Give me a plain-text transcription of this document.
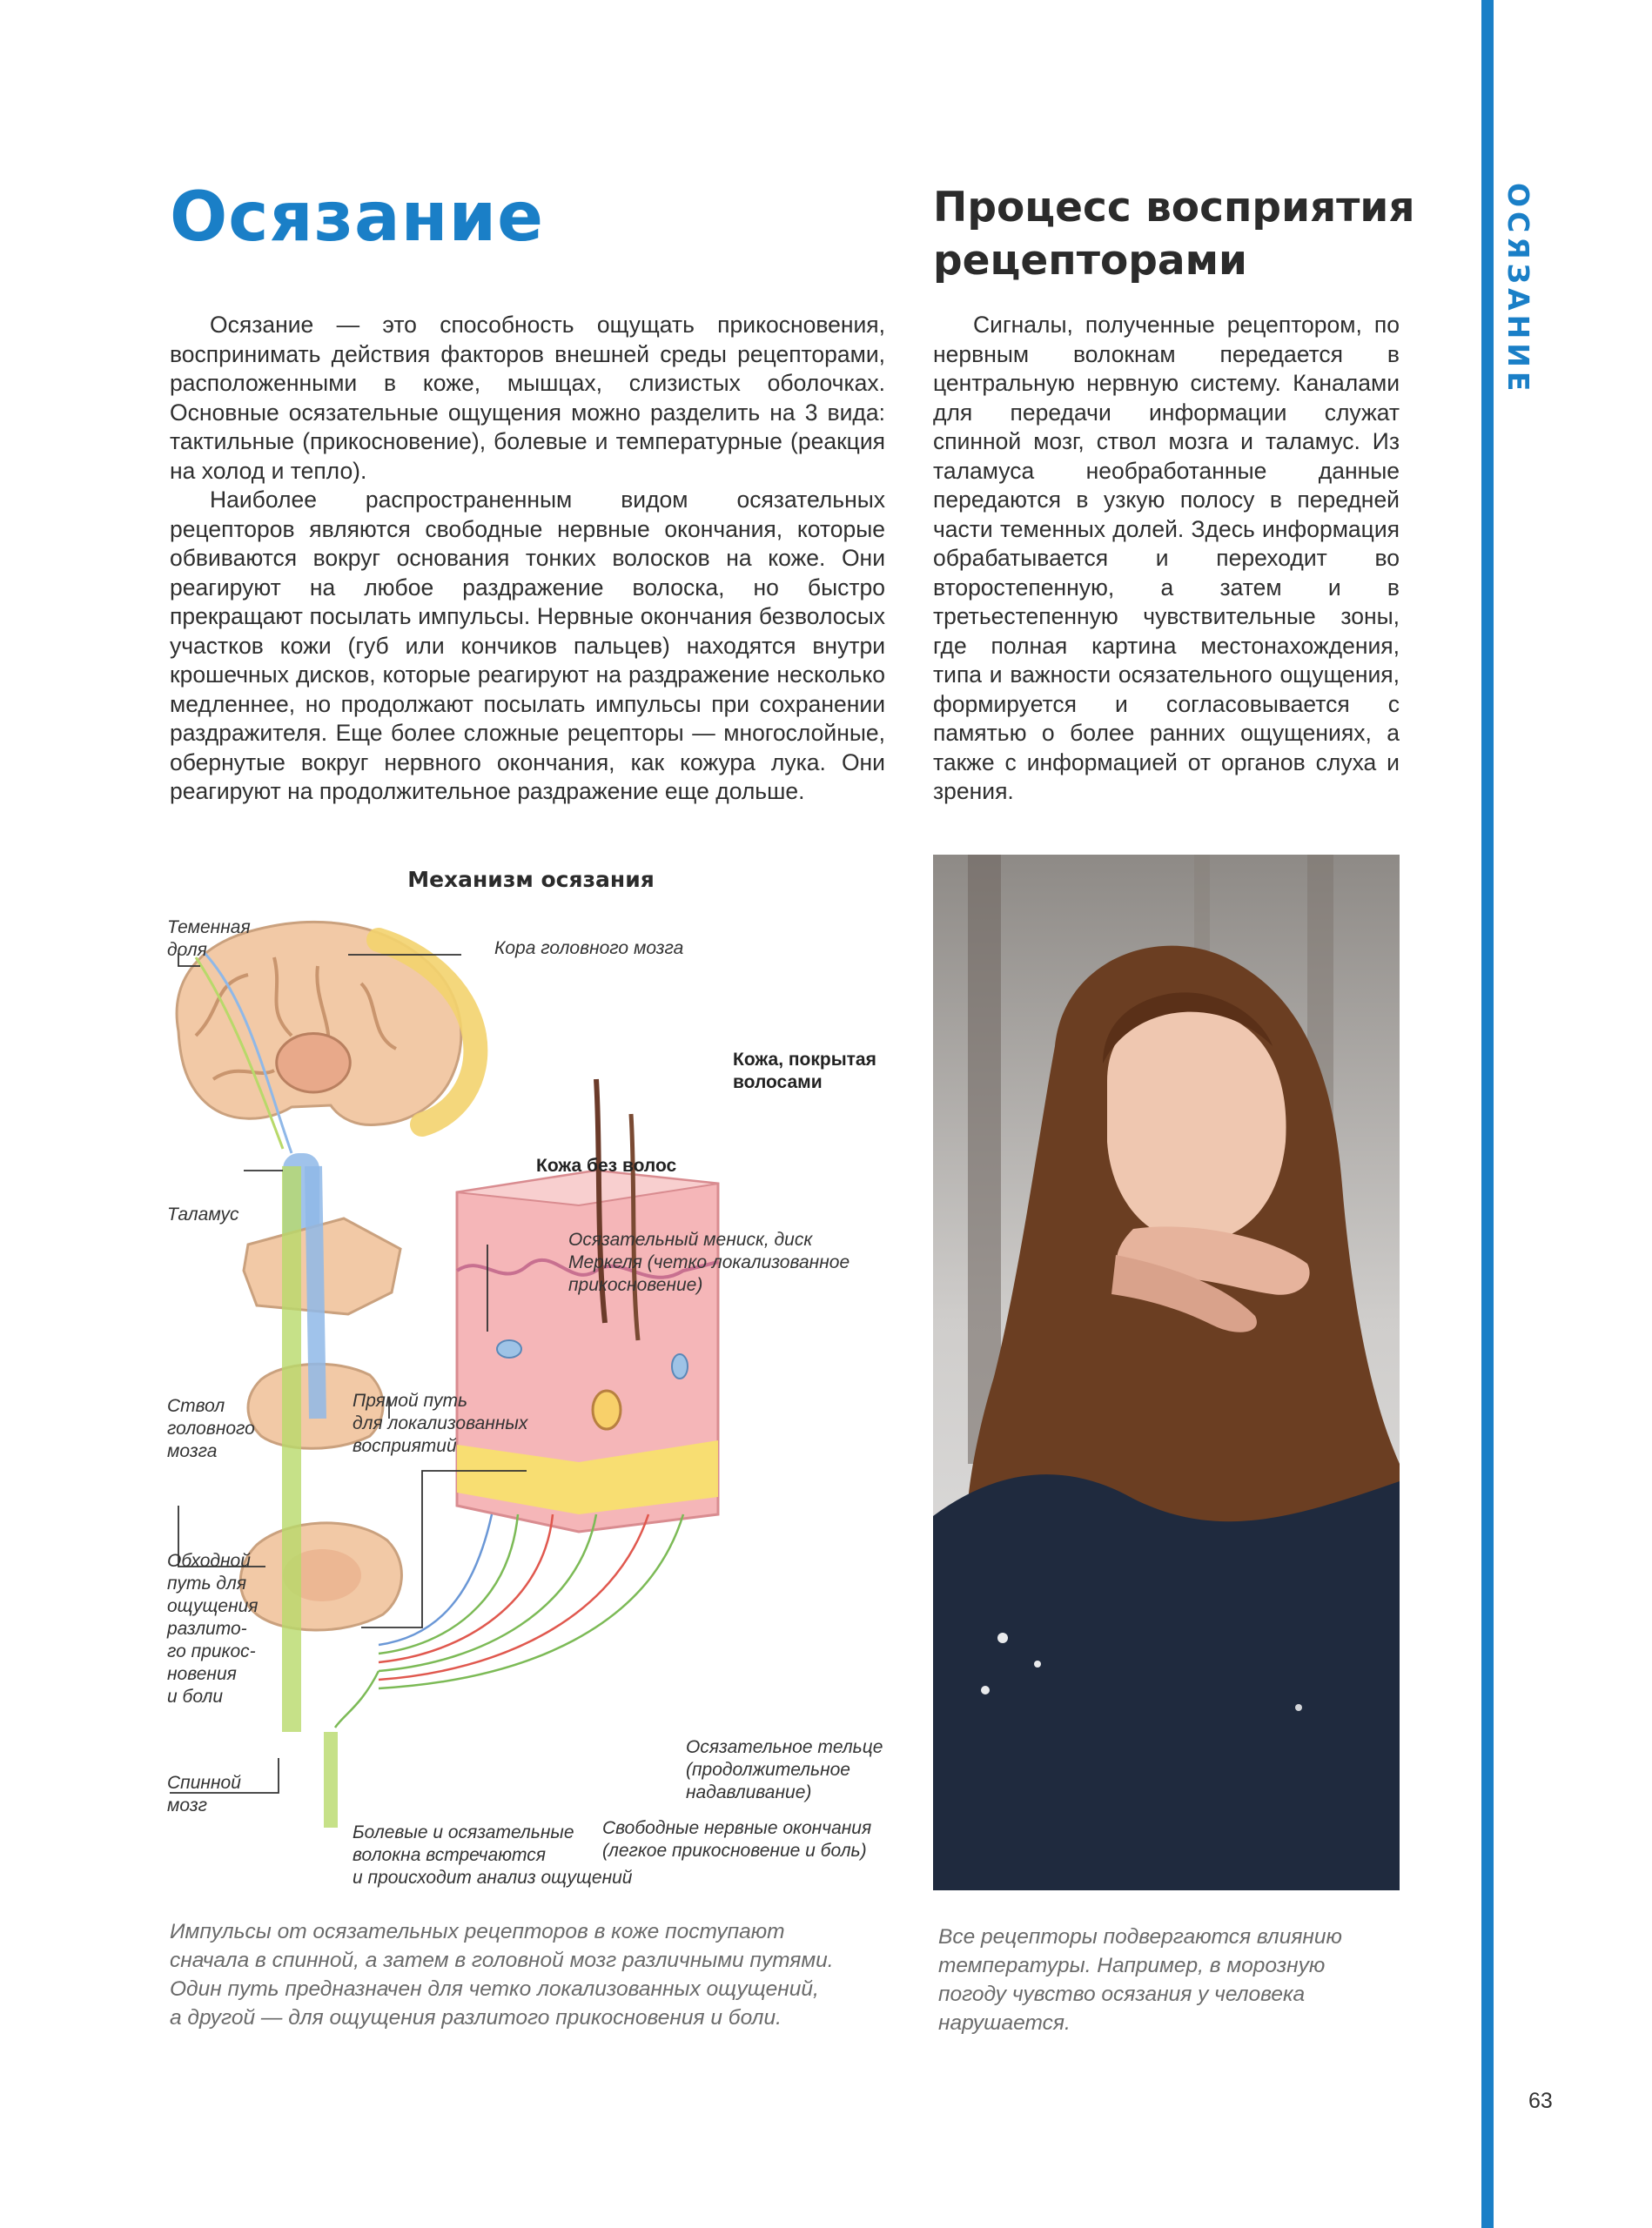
ОСЯЗАНИЕ
Осязание	Процесс восприятия рецепторами

Осязание — это способность ощущать прикосновения, воспринимать действия факторов внешней среды рецепторами, расположенными в коже, мышцах, слизистых оболочках. Основные осязательные ощущения можно разделить на 3 вида: тактильные (прикосновение), болевые и температурные (реакция на холод и тепло).

Наиболее распространенным видом осязательных рецепторов являются свободные нервные окончания, которые обвиваются вокруг основания тонких волосков на коже. Они реагируют на любое раздражение волоска, но быстро прекращают посылать импульсы. Нервные окончания безволосых участков кожи (губ или кончиков пальцев) находятся внутри крошечных дисков, которые реагируют на раздражение несколько медленнее, но продолжают посылать импульсы при сохранении раздражителя. Еще более сложные рецепторы — многослойные, обернутые вокруг нервного окончания, как кожура лука. Они реагируют на продолжительное раздражение еще дольше.

Сигналы, полученные рецептором, по нервным волокнам передается в центральную нервную систему. Каналами для передачи информации служат спинной мозг, ствол мозга и таламус. Из таламуса необработанные данные передаются в узкую полосу в передней части теменных долей. Здесь информация обрабатывается и переходит во второстепенную, а затем и в третьестепенную чувствительные зоны, где полная картина местонахождения, типа и важности осязательного ощущения, формируется и согласовывается с памятью о более ранних ощущениях, а также с информацией от органов слуха и зрения.

Механизм осязания
Теменная
доля	Кора головного мозга
Кожа, покрытая
волосами
Кожа без волос
Таламус
Осязательный мениск, диск
Меркеля (четко локализованное
прикосновение)
Ствол
головного
мозга
Прямой путь
для локализованных
восприятий
Обходной
путь для
ощущения
разлито-
го прикос-
новения
и боли
Осязательное тельце
(продолжительное
надавливание)
Спинной
мозг
Болевые и осязательные
волокна встречаются
и происходит анализ ощущений
Свободные нервные окончания
(легкое прикосновение и боль)
Импульсы от осязательных рецепторов в коже поступают
сначала в спинной, а затем в головной мозг различными путями.
Один путь предназначен для четко локализованных ощущений,
а другой — для ощущения разлитого прикосновения и боли.
Все рецепторы подвергаются влиянию
температуры. Например, в морозную
погоду чувство осязания у человека
нарушается.
63
